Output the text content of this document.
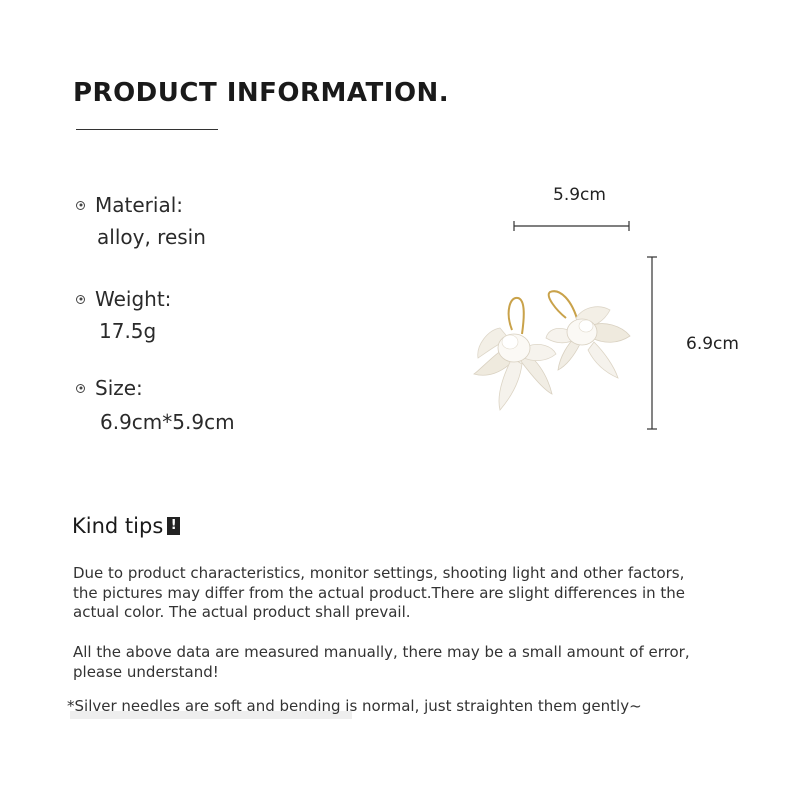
PRODUCT INFORMATION.
Material:
alloy, resin
Weight:
17.5g
Size:
6.9cm*5.9cm
5.9cm
6.9cm
Kind tips !
Due to product characteristics, monitor settings, shooting light and other factors, the pictures may differ from the actual product.There are slight differences in the actual color. The actual product shall prevail.
All the above data are measured manually, there may be a small amount of error, please understand!
*Silver needles are soft and bending is normal, just straighten them gently~
